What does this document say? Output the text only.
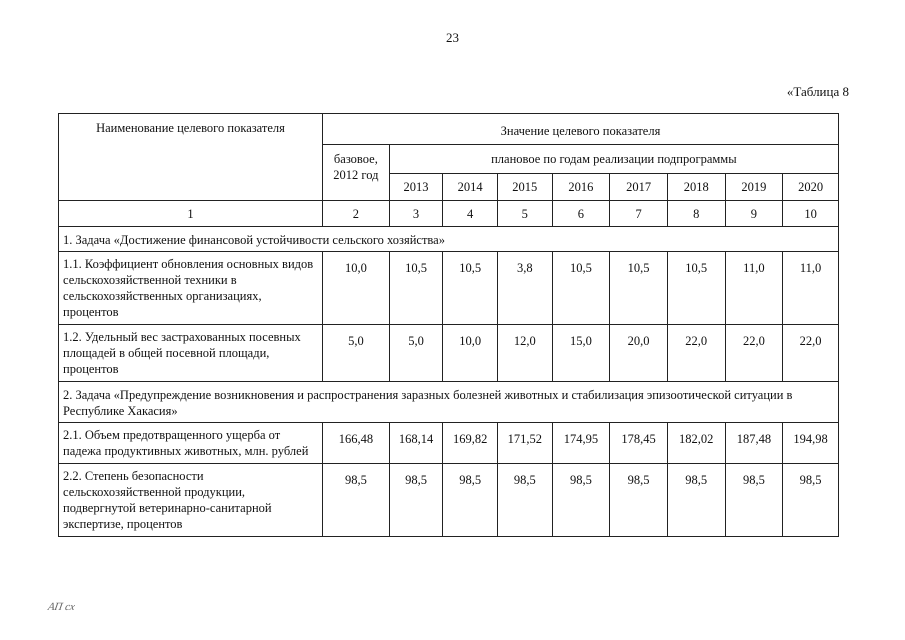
23
«Таблица 8
Наименование целевого показателя	Значение целевого показателя								
	базовое, 2012 год	плановое по годам реализации подпрограммы							
		2013	2014	2015	2016	2017	2018	2019	2020
1	2	3	4	5	6	7	8	9	10
1. Задача «Достижение финансовой устойчивости сельского хозяйства»									
1.1. Коэффициент обновления основных видов сельскохозяйственной техники в сельскохозяйственных организациях, процентов	10,0	10,5	10,5	3,8	10,5	10,5	10,5	11,0	11,0
1.2. Удельный вес застрахованных посевных площадей в общей посевной площади, процентов	5,0	5,0	10,0	12,0	15,0	20,0	22,0	22,0	22,0
2. Задача «Предупреждение возникновения и распространения заразных болезней животных и стабилизация эпизоотической ситуации в Республике Хакасия»									
2.1. Объем предотвращенного ущерба от падежа продуктивных животных, млн. рублей	166,48	168,14	169,82	171,52	174,95	178,45	182,02	187,48	194,98
2.2. Степень безопасности сельскохозяйственной продукции, подвергнутой ветеринарно-санитарной экспертизе, процентов	98,5	98,5	98,5	98,5	98,5	98,5	98,5	98,5	98,5
АП сх
